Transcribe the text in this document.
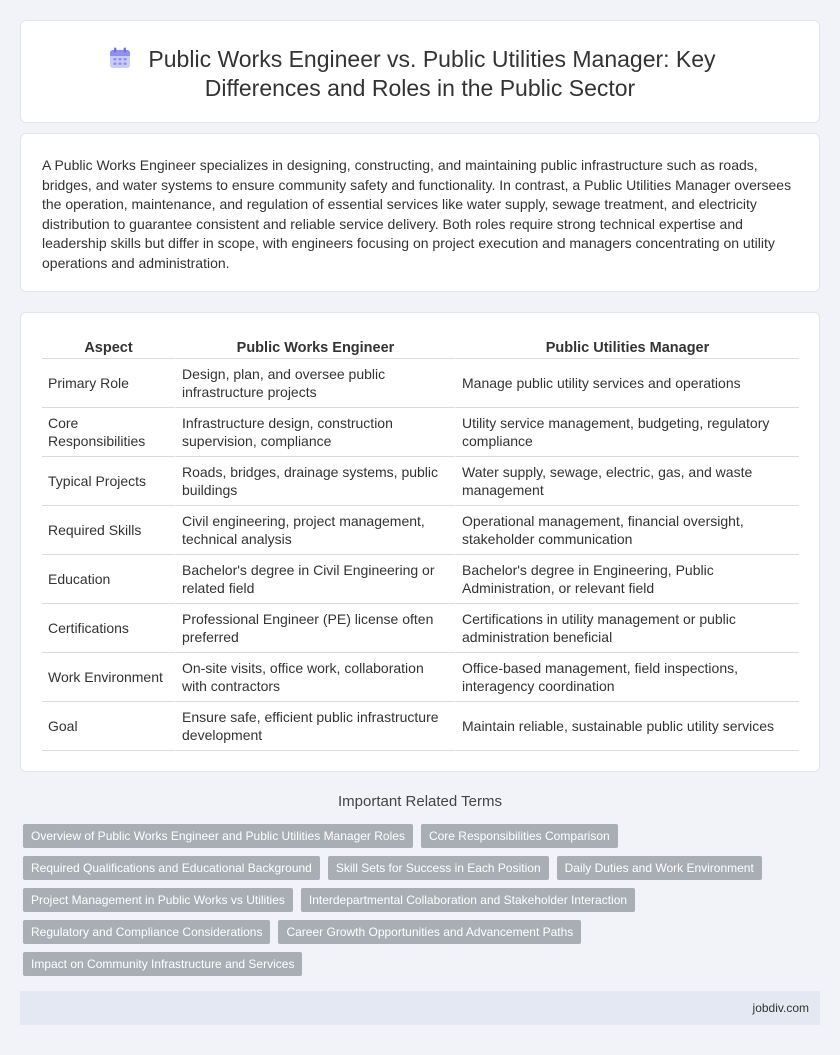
Public Works Engineer vs. Public Utilities Manager: Key
Differences and Roles in the Public Sector

A Public Works Engineer specializes in designing, constructing, and maintaining public infrastructure such as roads, bridges, and water systems to ensure community safety and functionality. In contrast, a Public Utilities Manager oversees the operation, maintenance, and regulation of essential services like water supply, sewage treatment, and electricity distribution to guarantee consistent and reliable service delivery. Both roles require strong technical expertise and leadership skills but differ in scope, with engineers focusing on project execution and managers concentrating on utility operations and administration.

Aspect	Public Works Engineer	Public Utilities Manager
Primary Role	Design, plan, and oversee public infrastructure projects	Manage public utility services and operations
Core Responsibilities	Infrastructure design, construction supervision, compliance	Utility service management, budgeting, regulatory compliance
Typical Projects	Roads, bridges, drainage systems, public buildings	Water supply, sewage, electric, gas, and waste management
Required Skills	Civil engineering, project management, technical analysis	Operational management, financial oversight, stakeholder communication
Education	Bachelor's degree in Civil Engineering or related field	Bachelor's degree in Engineering, Public Administration, or relevant field
Certifications	Professional Engineer (PE) license often preferred	Certifications in utility management or public administration beneficial
Work Environment	On-site visits, office work, collaboration with contractors	Office-based management, field inspections, interagency coordination
Goal	Ensure safe, efficient public infrastructure development	Maintain reliable, sustainable public utility services
Important Related Terms
Overview of Public Works Engineer and Public Utilities Manager Roles	Core Responsibilities Comparison
Required Qualifications and Educational Background	Skill Sets for Success in Each Position	Daily Duties and Work Environment
Project Management in Public Works vs Utilities	Interdepartmental Collaboration and Stakeholder Interaction
Regulatory and Compliance Considerations	Career Growth Opportunities and Advancement Paths
Impact on Community Infrastructure and Services
jobdiv.com
